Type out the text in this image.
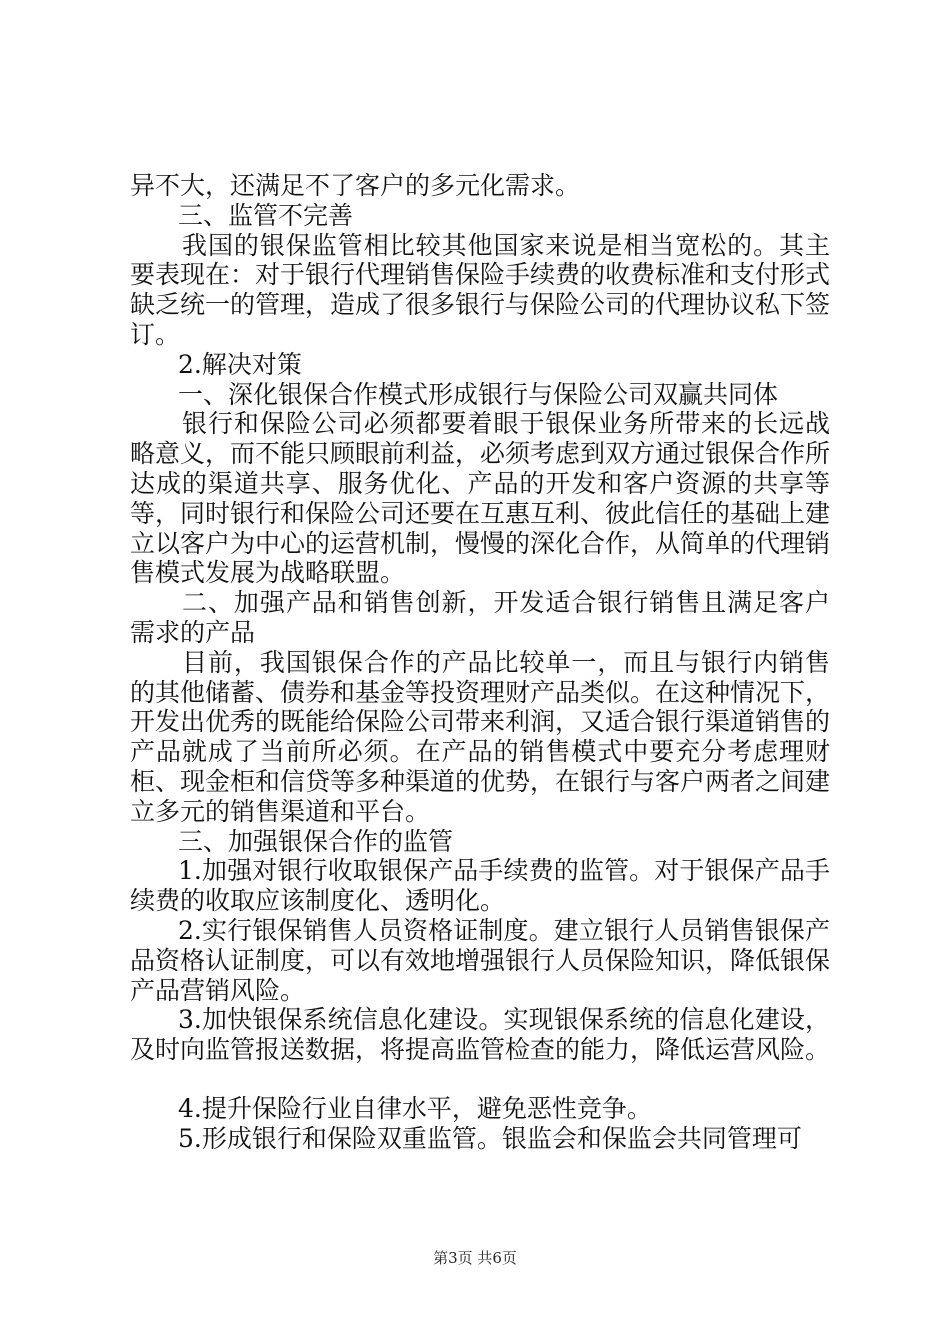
异不大，还满足不了客户的多元化需求。

三、监管不完善

我国的银保监管相比较其他国家来说是相当宽松的。其主要表现在：对于银行代理销售保险手续费的收费标准和支付形式缺乏统一的管理，造成了很多银行与保险公司的代理协议私下签订。

2.解决对策

一、深化银保合作模式形成银行与保险公司双赢共同体

银行和保险公司必须都要着眼于银保业务所带来的长远战略意义，而不能只顾眼前利益，必须考虑到双方通过银保合作所达成的渠道共享、服务优化、产品的开发和客户资源的共享等等，同时银行和保险公司还要在互惠互利、彼此信任的基础上建立以客户为中心的运营机制，慢慢的深化合作，从简单的代理销售模式发展为战略联盟。

二、加强产品和销售创新，开发适合银行销售且满足客户需求的产品

目前，我国银保合作的产品比较单一，而且与银行内销售的其他储蓄、债券和基金等投资理财产品类似。在这种情况下，开发出优秀的既能给保险公司带来利润，又适合银行渠道销售的产品就成了当前所必须。在产品的销售模式中要充分考虑理财柜、现金柜和信贷等多种渠道的优势，在银行与客户两者之间建立多元的销售渠道和平台。

三、加强银保合作的监管

1.加强对银行收取银保产品手续费的监管。对于银保产品手续费的收取应该制度化、透明化。

2.实行银保销售人员资格证制度。建立银行人员销售银保产品资格认证制度，可以有效地增强银行人员保险知识，降低银保产品营销风险。

3.加快银保系统信息化建设。实现银保系统的信息化建设，及时向监管报送数据，将提高监管检查的能力，降低运营风险。

4.提升保险行业自律水平，避免恶性竞争。

5.形成银行和保险双重监管。银监会和保监会共同管理可

第3页 共6页
